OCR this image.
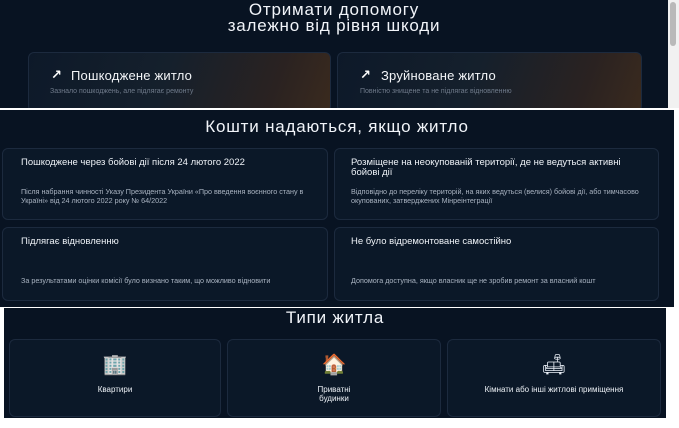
Отримати допомогу
залежно від рівня шкоди
↗ Пошкоджене житло
Зазнало пошкоджень, але підлягає ремонту
↗ Зруйноване житло
Повністю знищене та не підлягає відновленню
Кошти надаються, якщо житло
Пошкоджене через бойові дії після 24 лютого 2022
Після набрання чинності Указу Президента України «Про введення воєнного стану в Україні» від 24 лютого 2022 року № 64/2022
Розміщене на неокупованій території, де не ведуться активні бойові дії
Відповідно до переліку територій, на яких ведуться (велися) бойові дії, або тимчасово окупованих, затверджених Мінреінтеграції
Підлягає відновленню
За результатами оцінки комісії було визнано таким, що можливо відновити
Не було відремонтоване самостійно
Допомога доступна, якщо власник ще не зробив ремонт за власний кошт
Типи житла
🏢
Квартири
🏠
Приватні будинки
🛋
Кімнати або інші житлові приміщення
